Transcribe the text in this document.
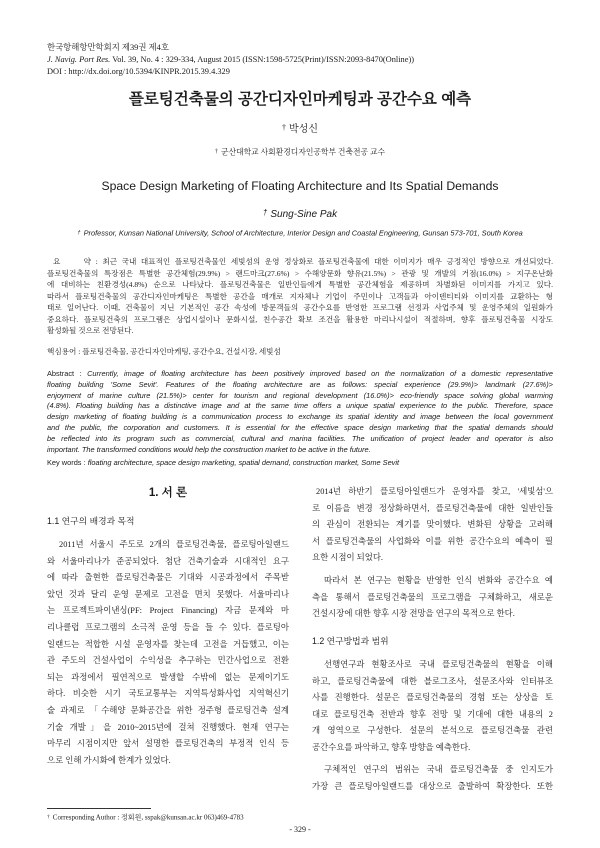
한국항해항만학회지 제39권 제4호
J. Navig. Port Res. Vol. 39, No. 4 : 329-334, August 2015 (ISSN:1598-5725(Print)/ISSN:2093-8470(Online))
DOI : http://dx.doi.org/10.5394/KINPR.2015.39.4.329
플로팅건축물의 공간디자인마케팅과 공간수요 예측
† 박성신
† 군산대학교 사회환경디자인공학부 건축전공 교수
Space Design Marketing of Floating Architecture and Its Spatial Demands
† Sung-Sine Pak
† Professor, Kunsan National University, School of Architecture, Interior Design and Coastal Engineering, Gunsan 573-701, South Korea
요　　약 : 최근 국내 대표적인 플로팅건축물인 세빛섬의 운영 정상화로 플로팅건축물에 대한 이미지가 매우 긍정적인 방향으로 개선되었다.
플로팅건축물의 특장점은 특별한 공간체험(29.9%) > 랜드마크(27.6%) > 수해양문화 향유(21.5%) > 관광 및 개발의 거점(16.0%) > 지구온난화
에 대비하는 친환경성(4.8%) 순으로 나타났다. 플로팅건축물은 일반인들에게 특별한 공간체험을 제공하며 차별화된 이미지를 가지고 있다.
따라서 플로팅건축물의 공간디자인마케팅은 특별한 공간을 매개로 지자체나 기업이 주민이나 고객들과 아이덴티티와 이미지를 교환하는 형
태로 일어난다. 이때, 건축물이 지닌 기본적인 공간 속성에 방문객들의 공간수요를 반영한 프로그램 선정과 사업주체 및 운영주체의 일원화가
중요하다. 플로팅건축의 프로그램은 상업시설이나 문화시설, 친수공간 확보 조건을 활용한 마리나시설이 적절하며, 향후 플로팅건축물 시장도
활성화될 것으로 전망된다.
핵심용어 : 플로팅건축물, 공간디자인마케팅, 공간수요, 건설시장, 세빛섬
Abstract : Currently, image of floating architecture has been positively improved based on the normalization of a domestic representative
floating building 'Some Sevit'. Features of the floating architecture are as follows: special experience (29.9%)> landmark (27.6%)>
enjoyment of marine culture (21.5%)> center for tourism and regional development (16.0%)> eco-friendly space solving global warming
(4.8%). Floating building has a distinctive image and at the same time offers a unique spatial experience to the public. Therefore, space
design marketing of floating building is a communication process to exchange its spatial identity and image between the local government
and the public, the corporation and customers. It is essential for the effective space design marketing that the spatial demands should
be reflected into its program such as commercial, cultural and marina facilities. The unification of project leader and operator is also
important. The transformed conditions would help the construction market to be active in the future.
Key words : floating architecture, space design marketing, spatial demand, construction market, Some Sevit
1. 서 론
1.1 연구의 배경과 목적
2011년 서울시 주도로 2개의 플로팅건축물, 플로팅아일랜드
와 서울마리나가 준공되었다. 첨단 건축기술과 시대적인 요구
에 따라 출현한 플로팅건축물은 기대와 시공과정에서 주목받
았던 것과 달리 운영 문제로 고전을 면치 못했다. 서울마리나
는 프로젝트파이낸싱(PF: Project Financing) 자금 문제와 마
리나클럽 프로그램의 소극적 운영 등을 들 수 있다. 플로팅아
일랜드는 적합한 시설 운영자를 찾는데 고전을 거듭했고, 이는
관 주도의 건설사업이 수익성을 추구하는 민간사업으로 전환
되는 과정에서 필연적으로 발생할 수밖에 없는 문제이기도
하다. 비슷한 시기 국토교통부는 지역특성화사업 지역혁신기
술 과제로 「수해양 문화공간을 위한 정주형 플로팅건축 설계
기술 개발」을 2010~2015년에 걸쳐 진행했다. 현재 연구는
마무리 시점이지만 앞서 설명한 플로팅건축의 부정적 인식 등
으로 인해 가시화에 한계가 있었다.
2014년 하반기 플로팅아일랜드가 운영자를 찾고, '세빛섬'으
로 이름을 변경 정상화하면서, 플로팅건축물에 대한 일반인들
의 관심이 전환되는 계기를 맞이했다. 변화된 상황을 고려해
서 플로팅건축물의 사업화와 이를 위한 공간수요의 예측이 필
요한 시점이 되었다.
따라서 본 연구는 현황을 반영한 인식 변화와 공간수요 예
측을 통해서 플로팅건축물의 프로그램을 구체화하고, 새로운
건설시장에 대한 향후 시장 전망을 연구의 목적으로 한다.
1.2 연구방법과 범위
선행연구과 현황조사로 국내 플로팅건축물의 현황을 이해
하고, 플로팅건축물에 대한 블로그조사, 설문조사와 인터뷰조
사를 진행한다. 설문은 플로팅건축물의 경험 또는 상상을 토
대로 플로팅건축 전반과 향후 전망 및 기대에 대한 내용의 2
개 영역으로 구성한다. 설문의 분석으로 플로팅건축물 관련
공간수요를 파악하고, 향후 방향을 예측한다.
구체적인 연구의 범위는 국내 플로팅건축물 중 인지도가
가장 큰 플로팅아일랜드를 대상으로 출발하여 확장한다. 또한
† Corresponding Author : 정회원, sspak@kunsan.ac.kr 063)469-4783
- 329 -
